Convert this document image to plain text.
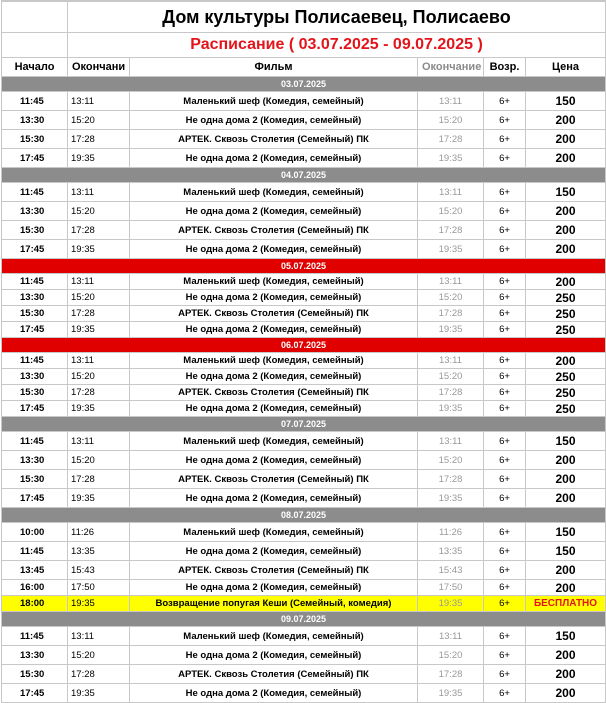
	Дом культуры Полисаевец, Полисаево				
	Расписание ( 03.07.2025 - 09.07.2025 )				
Начало	Окончани	Фильм	Окончание	Возр.	Цена
03.07.2025					
11:45	13:11	Маленький шеф (Комедия, семейный)	13:11	6+	150
13:30	15:20	Не одна дома 2 (Комедия, семейный)	15:20	6+	200
15:30	17:28	АРТЕК. Сквозь Столетия (Семейный) ПК	17:28	6+	200
17:45	19:35	Не одна дома 2 (Комедия, семейный)	19:35	6+	200
04.07.2025					
11:45	13:11	Маленький шеф (Комедия, семейный)	13:11	6+	150
13:30	15:20	Не одна дома 2 (Комедия, семейный)	15:20	6+	200
15:30	17:28	АРТЕК. Сквозь Столетия (Семейный) ПК	17:28	6+	200
17:45	19:35	Не одна дома 2 (Комедия, семейный)	19:35	6+	200
05.07.2025					
11:45	13:11	Маленький шеф (Комедия, семейный)	13:11	6+	200
13:30	15:20	Не одна дома 2 (Комедия, семейный)	15:20	6+	250
15:30	17:28	АРТЕК. Сквозь Столетия (Семейный) ПК	17:28	6+	250
17:45	19:35	Не одна дома 2 (Комедия, семейный)	19:35	6+	250
06.07.2025					
11:45	13:11	Маленький шеф (Комедия, семейный)	13:11	6+	200
13:30	15:20	Не одна дома 2 (Комедия, семейный)	15:20	6+	250
15:30	17:28	АРТЕК. Сквозь Столетия (Семейный) ПК	17:28	6+	250
17:45	19:35	Не одна дома 2 (Комедия, семейный)	19:35	6+	250
07.07.2025					
11:45	13:11	Маленький шеф (Комедия, семейный)	13:11	6+	150
13:30	15:20	Не одна дома 2 (Комедия, семейный)	15:20	6+	200
15:30	17:28	АРТЕК. Сквозь Столетия (Семейный) ПК	17:28	6+	200
17:45	19:35	Не одна дома 2 (Комедия, семейный)	19:35	6+	200
08.07.2025					
10:00	11:26	Маленький шеф (Комедия, семейный)	11:26	6+	150
11:45	13:35	Не одна дома 2 (Комедия, семейный)	13:35	6+	150
13:45	15:43	АРТЕК. Сквозь Столетия (Семейный) ПК	15:43	6+	200
16:00	17:50	Не одна дома 2 (Комедия, семейный)	17:50	6+	200
18:00	19:35	Возвращение попугая Кеши (Семейный, комедия)	19:35	6+	БЕСПЛАТНО
09.07.2025					
11:45	13:11	Маленький шеф (Комедия, семейный)	13:11	6+	150
13:30	15:20	Не одна дома 2 (Комедия, семейный)	15:20	6+	200
15:30	17:28	АРТЕК. Сквозь Столетия (Семейный) ПК	17:28	6+	200
17:45	19:35	Не одна дома 2 (Комедия, семейный)	19:35	6+	200
